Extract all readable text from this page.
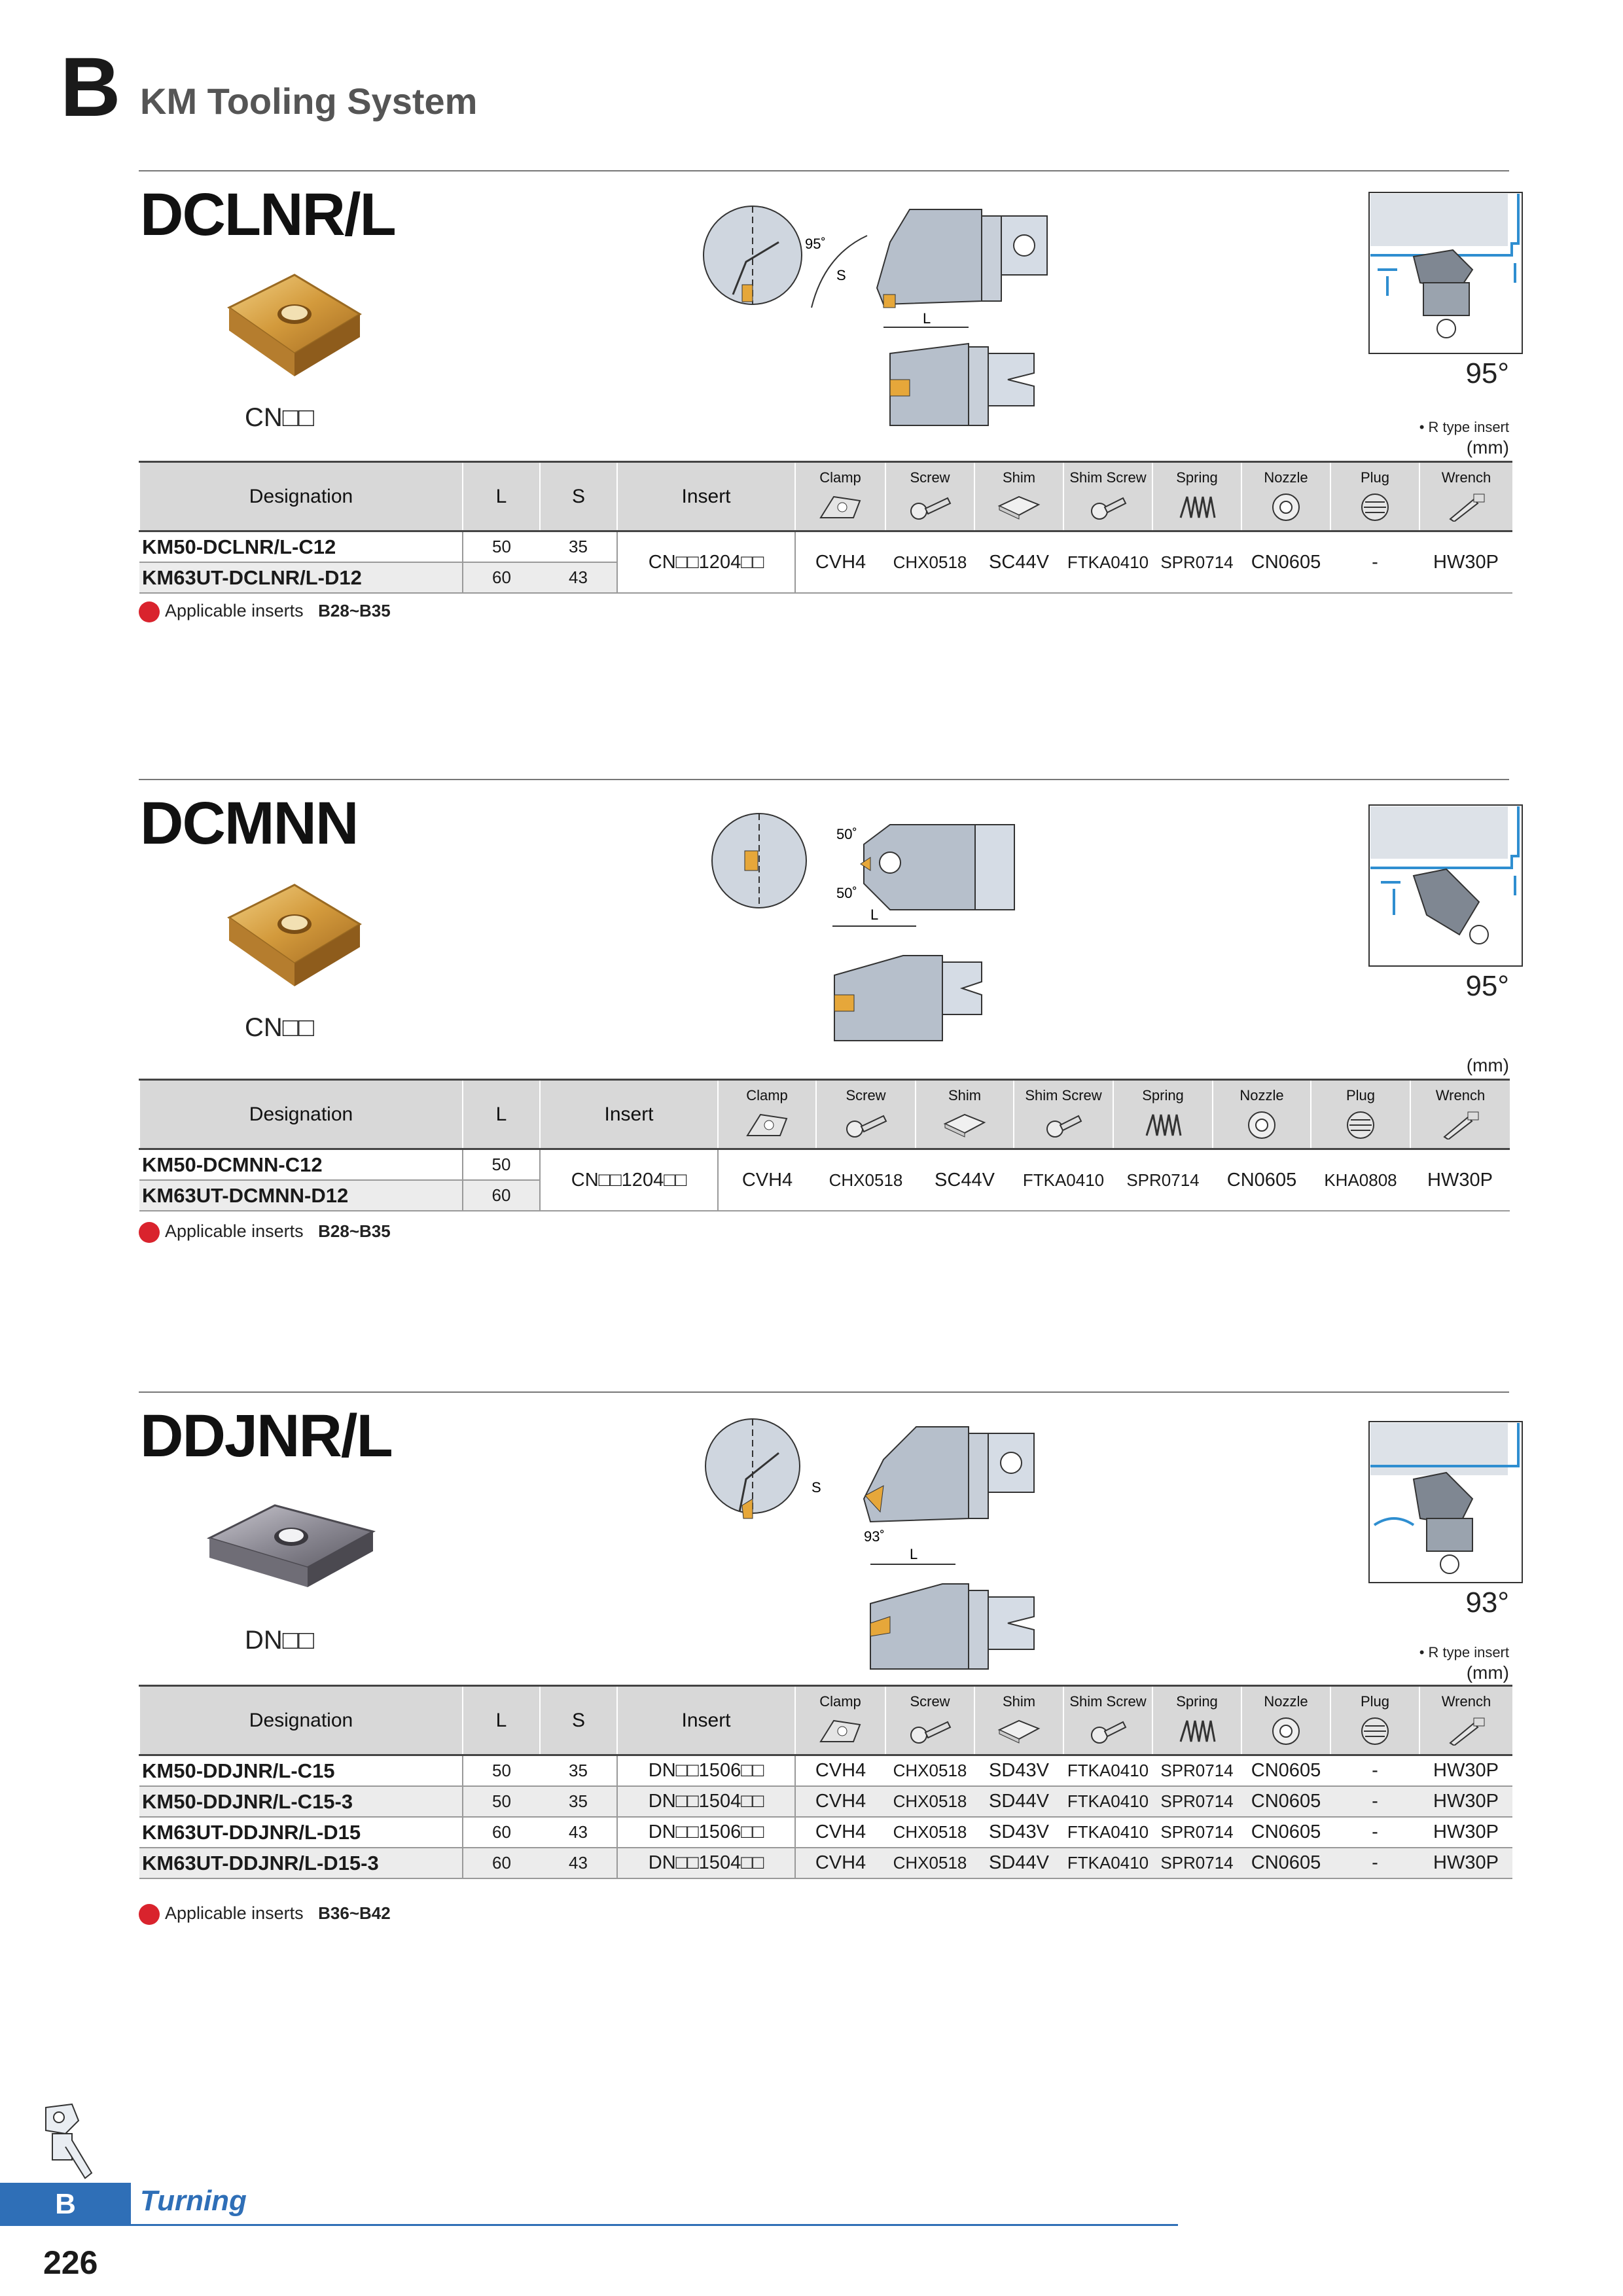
B KM Tooling System
DCLNR/L
CN□□
95˚
S
L
95°
• R type insert
(mm)
Designation	L	S	Insert	Clamp	Screw	Shim	Shim Screw	Spring	Nozzle	Plug	Wrench

KM50-DCLNR/L-C12	50	35	CN□□1204□□	CVH4	CHX0518	SC44V	FTKA0410	SPR0714	CN0605	-	HW30P
KM63UT-DCLNR/L-D12	60	43									
Applicable inserts B28~B35
DCMNN
CN□□
50˚
50˚
L
95°
(mm)
Designation	L	Insert	Clamp	Screw	Shim	Shim Screw	Spring	Nozzle	Plug	Wrench

KM50-DCMNN-C12	50	CN□□1204□□	CVH4	CHX0518	SC44V	FTKA0410	SPR0714	CN0605	KHA0808	HW30P
KM63UT-DCMNN-D12	60									
Applicable inserts B28~B35
DDJNR/L
DN□□
S
93˚
L
93°
• R type insert
(mm)
Designation	L	S	Insert	Clamp	Screw	Shim	Shim Screw	Spring	Nozzle	Plug	Wrench

KM50-DDJNR/L-C15	50	35	DN□□1506□□	CVH4	CHX0518	SD43V	FTKA0410	SPR0714	CN0605	-	HW30P
KM50-DDJNR/L-C15-3	50	35	DN□□1504□□	CVH4	CHX0518	SD44V	FTKA0410	SPR0714	CN0605	-	HW30P
KM63UT-DDJNR/L-D15	60	43	DN□□1506□□	CVH4	CHX0518	SD43V	FTKA0410	SPR0714	CN0605	-	HW30P
KM63UT-DDJNR/L-D15-3	60	43	DN□□1504□□	CVH4	CHX0518	SD44V	FTKA0410	SPR0714	CN0605	-	HW30P
Applicable inserts B36~B42
B	Turning
226
